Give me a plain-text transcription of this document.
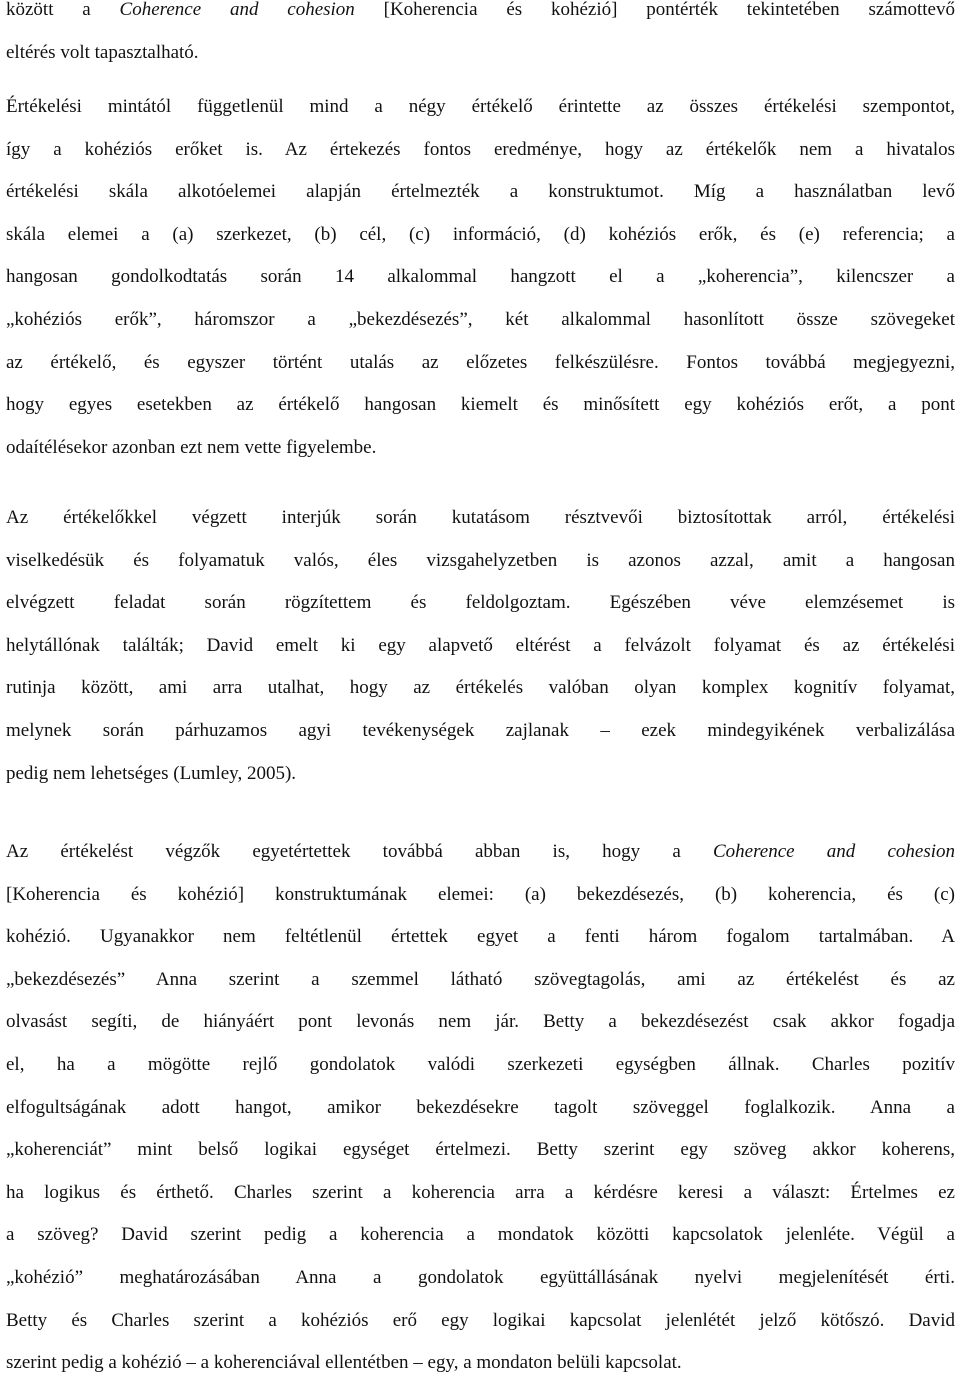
között a Coherence and cohesion [Koherencia és kohézió] pontérték tekintetében számottevő
eltérés volt tapasztalható.

Értékelési mintától függetlenül mind a négy értékelő érintette az összes értékelési szempontot,
így a kohéziós erőket is. Az értekezés fontos eredménye, hogy az értékelők nem a hivatalos
értékelési skála alkotóelemei alapján értelmezték a konstruktumot. Míg a használatban levő
skála elemei a (a) szerkezet, (b) cél, (c) információ, (d) kohéziós erők, és (e) referencia; a
hangosan gondolkodtatás során 14 alkalommal hangzott el a „koherencia”, kilencszer a
„kohéziós erők”, háromszor a „bekezdésezés”, két alkalommal hasonlított össze szövegeket
az értékelő, és egyszer történt utalás az előzetes felkészülésre. Fontos továbbá megjegyezni,
hogy egyes esetekben az értékelő hangosan kiemelt és minősített egy kohéziós erőt, a pont
odaítélésekor azonban ezt nem vette figyelembe.

Az értékelőkkel végzett interjúk során kutatásom résztvevői biztosítottak arról, értékelési
viselkedésük és folyamatuk valós, éles vizsgahelyzetben is azonos azzal, amit a hangosan
elvégzett feladat során rögzítettem és feldolgoztam. Egészében véve elemzésemet is
helytállónak találták; David emelt ki egy alapvető eltérést a felvázolt folyamat és az értékelési
rutinja között, ami arra utalhat, hogy az értékelés valóban olyan komplex kognitív folyamat,
melynek során párhuzamos agyi tevékenységek zajlanak – ezek mindegyikének verbalizálása
pedig nem lehetséges (Lumley, 2005).

Az értékelést végzők egyetértettek továbbá abban is, hogy a Coherence and cohesion
[Koherencia és kohézió] konstruktumának elemei: (a) bekezdésezés, (b) koherencia, és (c)
kohézió. Ugyanakkor nem feltétlenül értettek egyet a fenti három fogalom tartalmában. A
„bekezdésezés” Anna szerint a szemmel látható szövegtagolás, ami az értékelést és az
olvasást segíti, de hiányáért pont levonás nem jár. Betty a bekezdésezést csak akkor fogadja
el, ha a mögötte rejlő gondolatok valódi szerkezeti egységben állnak. Charles pozitív
elfogultságának adott hangot, amikor bekezdésekre tagolt szöveggel foglalkozik. Anna a
„koherenciát” mint belső logikai egységet értelmezi. Betty szerint egy szöveg akkor koherens,
ha logikus és érthető. Charles szerint a koherencia arra a kérdésre keresi a választ: Értelmes ez
a szöveg? David szerint pedig a koherencia a mondatok közötti kapcsolatok jelenléte. Végül a
„kohézió” meghatározásában Anna a gondolatok együttállásának nyelvi megjelenítését érti.
Betty és Charles szerint a kohéziós erő egy logikai kapcsolat jelenlétét jelző kötőszó. David
szerint pedig a kohézió – a koherenciával ellentétben – egy, a mondaton belüli kapcsolat.
